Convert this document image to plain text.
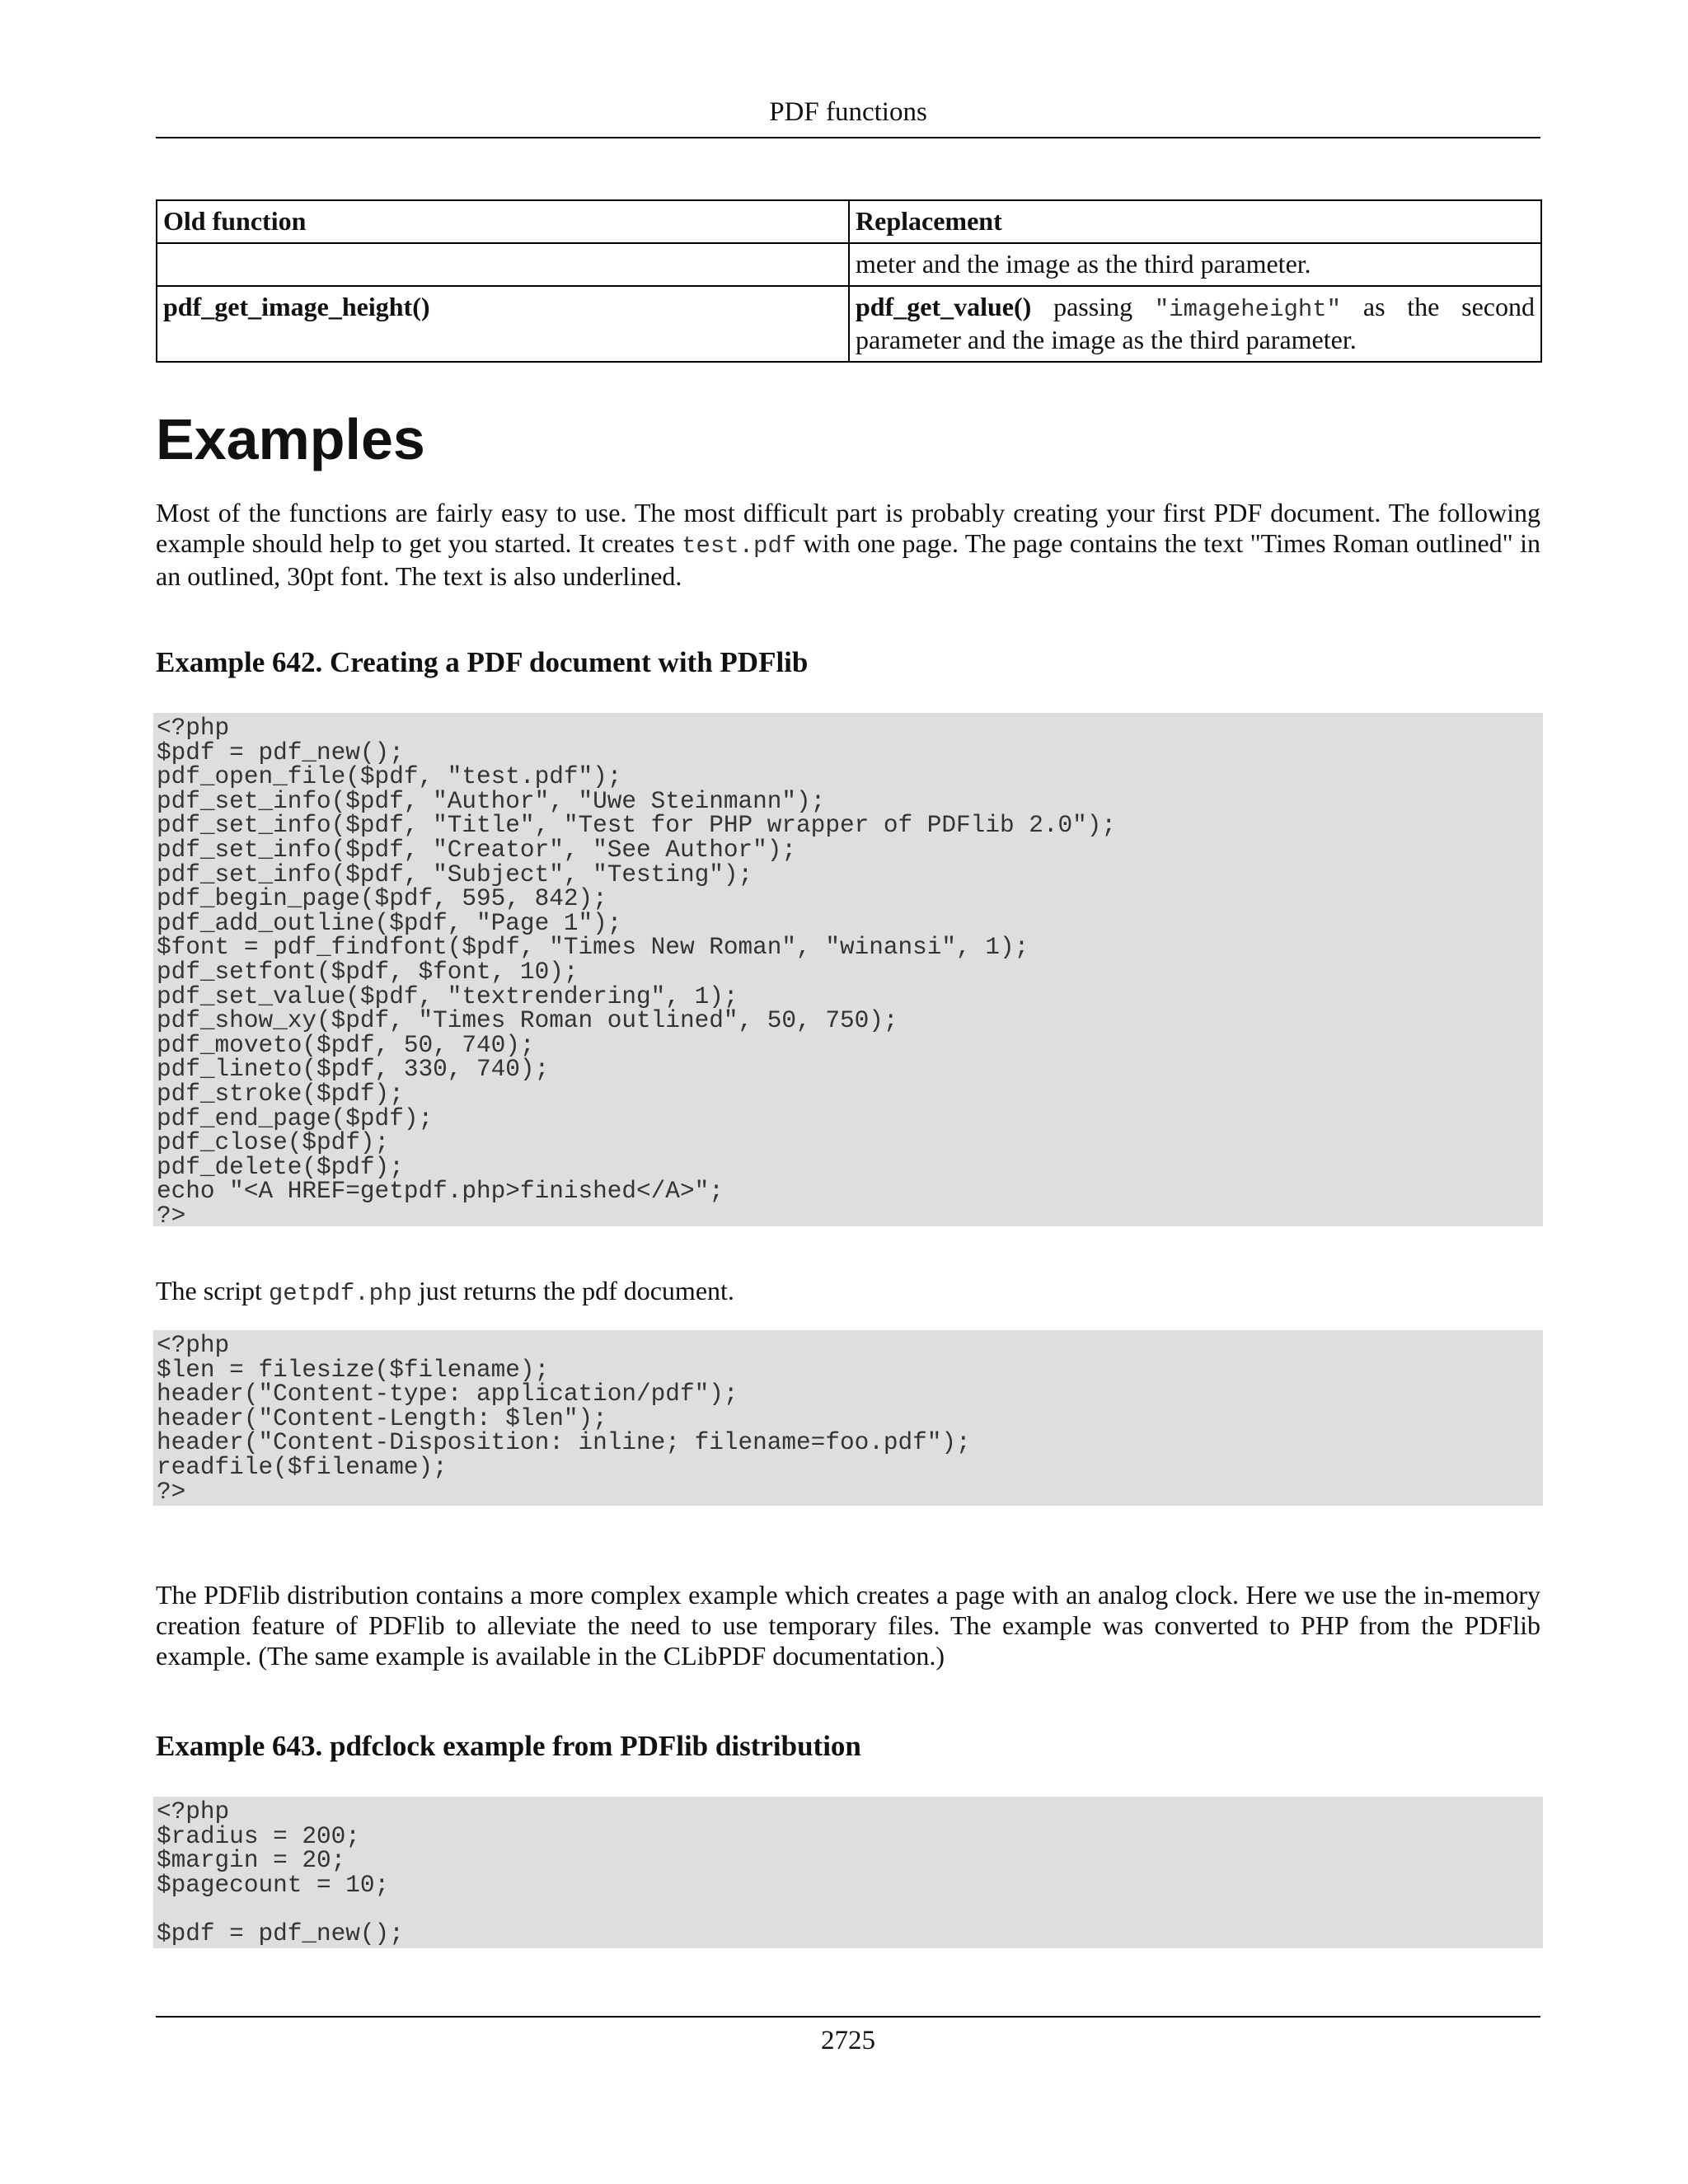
PDF functions
Old function	Replacement
	meter and the image as the third parameter.
pdf_get_image_height()	pdf_get_value() passing "imageheight" as the second parameter and the image as the third parameter.
Examples

Most of the functions are fairly easy to use. The most difficult part is probably creating your first PDF document. The following example should help to get you started. It creates test.pdf with one page. The page contains the text "Times Roman outlined" in an outlined, 30pt font. The text is also underlined.

Example 642. Creating a PDF document with PDFlib
<?php
$pdf = pdf_new();
pdf_open_file($pdf, "test.pdf");
pdf_set_info($pdf, "Author", "Uwe Steinmann");
pdf_set_info($pdf, "Title", "Test for PHP wrapper of PDFlib 2.0");
pdf_set_info($pdf, "Creator", "See Author");
pdf_set_info($pdf, "Subject", "Testing");
pdf_begin_page($pdf, 595, 842);
pdf_add_outline($pdf, "Page 1");
$font = pdf_findfont($pdf, "Times New Roman", "winansi", 1);
pdf_setfont($pdf, $font, 10);
pdf_set_value($pdf, "textrendering", 1);
pdf_show_xy($pdf, "Times Roman outlined", 50, 750);
pdf_moveto($pdf, 50, 740);
pdf_lineto($pdf, 330, 740);
pdf_stroke($pdf);
pdf_end_page($pdf);
pdf_close($pdf);
pdf_delete($pdf);
echo "<A HREF=getpdf.php>finished</A>";
?>

The script getpdf.php just returns the pdf document.

<?php
$len = filesize($filename);
header("Content-type: application/pdf");
header("Content-Length: $len");
header("Content-Disposition: inline; filename=foo.pdf");
readfile($filename);
?>

The PDFlib distribution contains a more complex example which creates a page with an analog clock. Here we use the in-memory creation feature of PDFlib to alleviate the need to use temporary files. The example was converted to PHP from the PDFlib example. (The same example is available in the CLibPDF documentation.)

Example 643. pdfclock example from PDFlib distribution
<?php
$radius = 200;
$margin = 20;
$pagecount = 10;
$pdf = pdf_new();
2725
